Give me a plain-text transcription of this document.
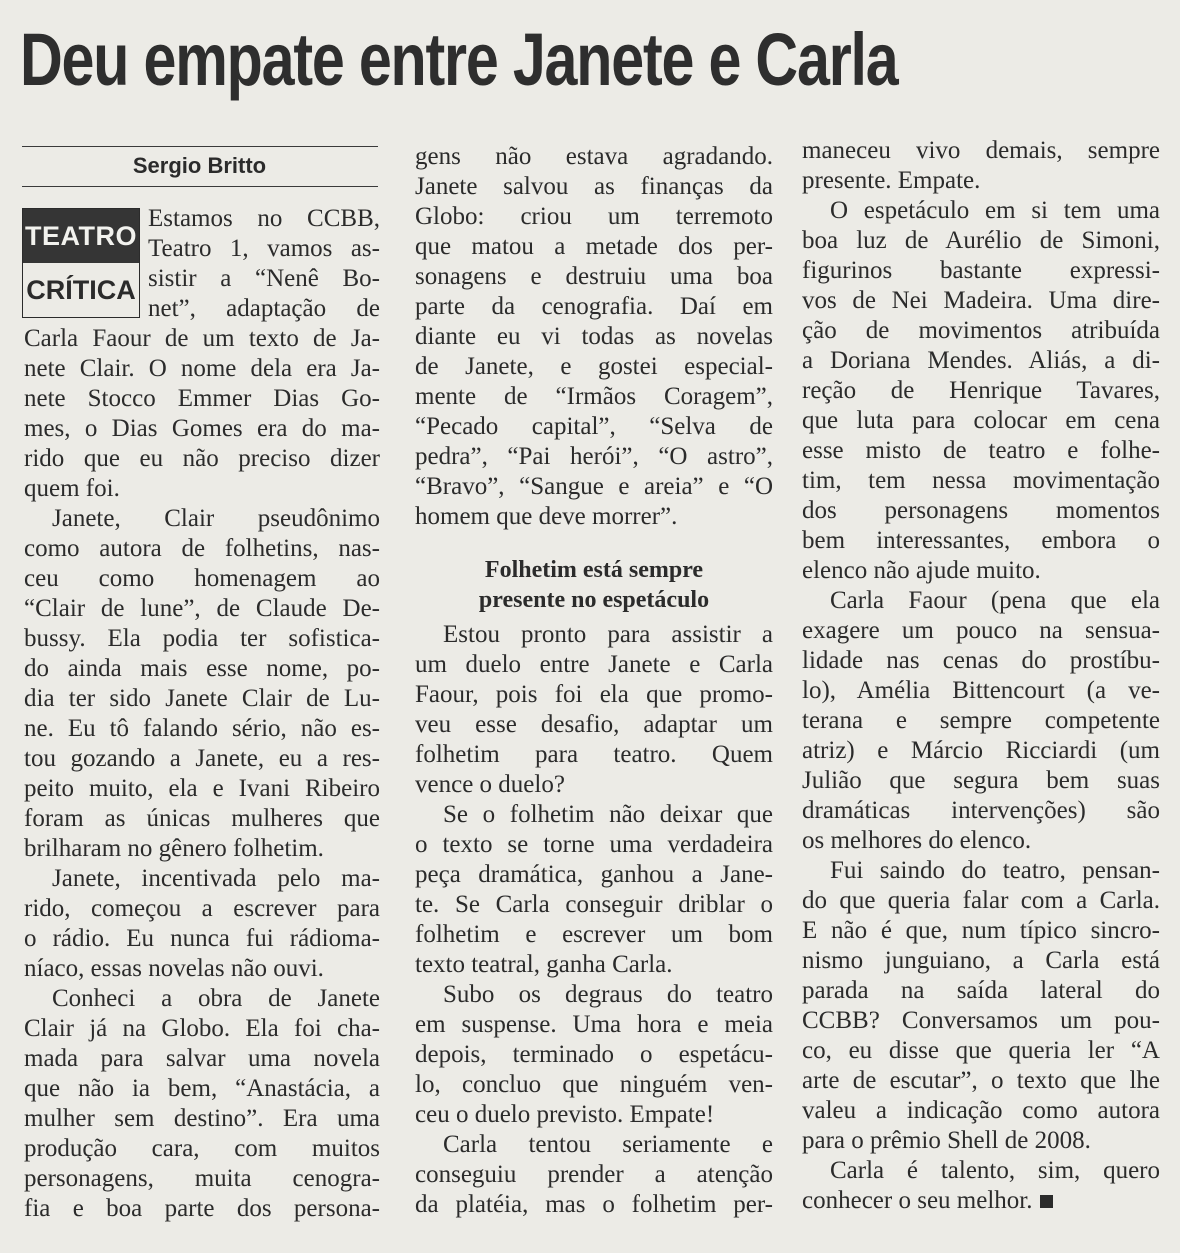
Deu empate entre Janete e Carla
Sergio Britto
TEATRO
CRÍTICA
Estamos no CCBB,
Teatro 1, vamos as-
sistir a “Nenê Bo-
net”, adaptação de
Carla Faour de um texto de Ja-
nete Clair. O nome dela era Ja-
nete Stocco Emmer Dias Go-
mes, o Dias Gomes era do ma-
rido que eu não preciso dizer
quem foi.
Janete, Clair pseudônimo
como autora de folhetins, nas-
ceu como homenagem ao
“Clair de lune”, de Claude De-
bussy. Ela podia ter sofistica-
do ainda mais esse nome, po-
dia ter sido Janete Clair de Lu-
ne. Eu tô falando sério, não es-
tou gozando a Janete, eu a res-
peito muito, ela e Ivani Ribeiro
foram as únicas mulheres que
brilharam no gênero folhetim.
Janete, incentivada pelo ma-
rido, começou a escrever para
o rádio. Eu nunca fui rádioma-
níaco, essas novelas não ouvi.
Conheci a obra de Janete
Clair já na Globo. Ela foi cha-
mada para salvar uma novela
que não ia bem, “Anastácia, a
mulher sem destino”. Era uma
produção cara, com muitos
personagens, muita cenogra-
fia e boa parte dos persona-
gens não estava agradando.
Janete salvou as finanças da
Globo: criou um terremoto
que matou a metade dos per-
sonagens e destruiu uma boa
parte da cenografia. Daí em
diante eu vi todas as novelas
de Janete, e gostei especial-
mente de “Irmãos Coragem”,
“Pecado capital”, “Selva de
pedra”, “Pai herói”, “O astro”,
“Bravo”, “Sangue e areia” e “O
homem que deve morrer”.
Folhetim está sempre
presente no espetáculo
Estou pronto para assistir a
um duelo entre Janete e Carla
Faour, pois foi ela que promo-
veu esse desafio, adaptar um
folhetim para teatro. Quem
vence o duelo?
Se o folhetim não deixar que
o texto se torne uma verdadeira
peça dramática, ganhou a Jane-
te. Se Carla conseguir driblar o
folhetim e escrever um bom
texto teatral, ganha Carla.
Subo os degraus do teatro
em suspense. Uma hora e meia
depois, terminado o espetácu-
lo, concluo que ninguém ven-
ceu o duelo previsto. Empate!
Carla tentou seriamente e
conseguiu prender a atenção
da platéia, mas o folhetim per-
maneceu vivo demais, sempre
presente. Empate.
O espetáculo em si tem uma
boa luz de Aurélio de Simoni,
figurinos bastante expressi-
vos de Nei Madeira. Uma dire-
ção de movimentos atribuída
a Doriana Mendes. Aliás, a di-
reção de Henrique Tavares,
que luta para colocar em cena
esse misto de teatro e folhe-
tim, tem nessa movimentação
dos personagens momentos
bem interessantes, embora o
elenco não ajude muito.
Carla Faour (pena que ela
exagere um pouco na sensua-
lidade nas cenas do prostíbu-
lo), Amélia Bittencourt (a ve-
terana e sempre competente
atriz) e Márcio Ricciardi (um
Julião que segura bem suas
dramáticas intervenções) são
os melhores do elenco.
Fui saindo do teatro, pensan-
do que queria falar com a Carla.
E não é que, num típico sincro-
nismo junguiano, a Carla está
parada na saída lateral do
CCBB? Conversamos um pou-
co, eu disse que queria ler “A
arte de escutar”, o texto que lhe
valeu a indicação como autora
para o prêmio Shell de 2008.
Carla é talento, sim, quero
conhecer o seu melhor.
